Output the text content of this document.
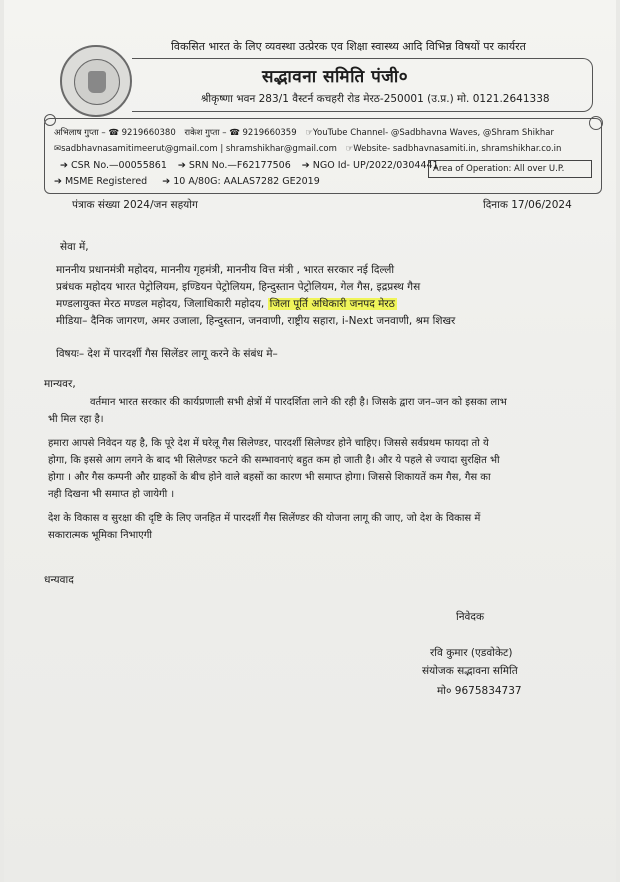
विकसित भारत के लिए व्यवस्था उत्प्रेरक एव शिक्षा स्वास्थ्य आदि विभिन्न विषयों पर कार्यरत
सद्भावना समिति पंजी०
श्रीकृष्णा भवन 283/1 वैस्टर्न कचहरी रोड मेरठ-250001 (उ.प्र.) मो. 0121.2641338
अभिलाष गुप्ता – ☎ 9219660380 राकेश गुप्ता – ☎ 9219660359 ☞YouTube Channel- @Sadbhavna Waves, @Shram Shikhar
✉sadbhavnasamitimeerut@gmail.com | shramshikhar@gmail.com ☞Website- sadbhavnasamiti.in, shramshikhar.co.in
➔ CSR No.—00055861 ➔ SRN No.—F62177506 ➔ NGO Id- UP/2022/0304441
Area of Operation: All over U.P.
➔ MSME Registered ➔ 10 A/80G: AALAS7282 GE2019
पंत्राक संख्या 2024/जन सहयोग	दिनाक 17/06/2024
सेवा में,
माननीय प्रधानमंत्री महोदय, माननीय गृहमंत्री, माननीय वित्त मंत्री , भारत सरकार नई दिल्ली
प्रबंधक महोदय भारत पेट्रोलियम, इण्डियन पेट्रोलियम, हिन्दुस्तान पेट्रोलियम, गेल गैस, इद्रप्रस्थ गैस
मण्डलायुक्त मेरठ मण्डल महोदय, जिलाधिकारी महोदय, जिला पूर्ति अधिकारी जनपद मेरठ
मीडिया– दैनिक जागरण, अमर उजाला, हिन्दुस्तान, जनवाणी, राष्ट्रीय सहारा, i-Next जनवाणी, श्रम शिखर
विषयः– देश में पारदर्शी गैस सिलेंडर लागू करने के संबंध मे–
मान्यवर,
वर्तमान भारत सरकार की कार्यप्रणाली सभी क्षेत्रों में पारदर्शिता लाने की रही है। जिसके द्वारा जन–जन को इसका लाभ
भी मिल रहा है।
हमारा आपसे निवेदन यह है, कि पूरे देश में घरेलू गैस सिलेण्डर, पारदर्शी सिलेण्डर होने चाहिए। जिससे सर्वप्रथम फायदा तो ये
होगा, कि इससे आग लगने के बाद भी सिलेण्डर फटने की सम्भावनाएं बहुत कम हो जाती है। और ये पहले से ज्यादा सुरक्षित भी
होगा । और गैस कम्पनी और ग्राहकों के बीच होने वाले बहसों का कारण भी समाप्त होगा। जिससे शिकायतें कम गैस, गैस का
नही दिखना भी समाप्त हो जायेगी ।
देश के विकास व सुरक्षा की दृष्टि के लिए जनहित में पारदर्शी गैस सिलेंण्डर की योजना लागू की जाए, जो देश के विकास में
सकारात्मक भूमिका निभाएगी
धन्यवाद
निवेदक
रवि कुमार (एडवोकेट)
संयोजक सद्भावना समिति
मो० 9675834737
